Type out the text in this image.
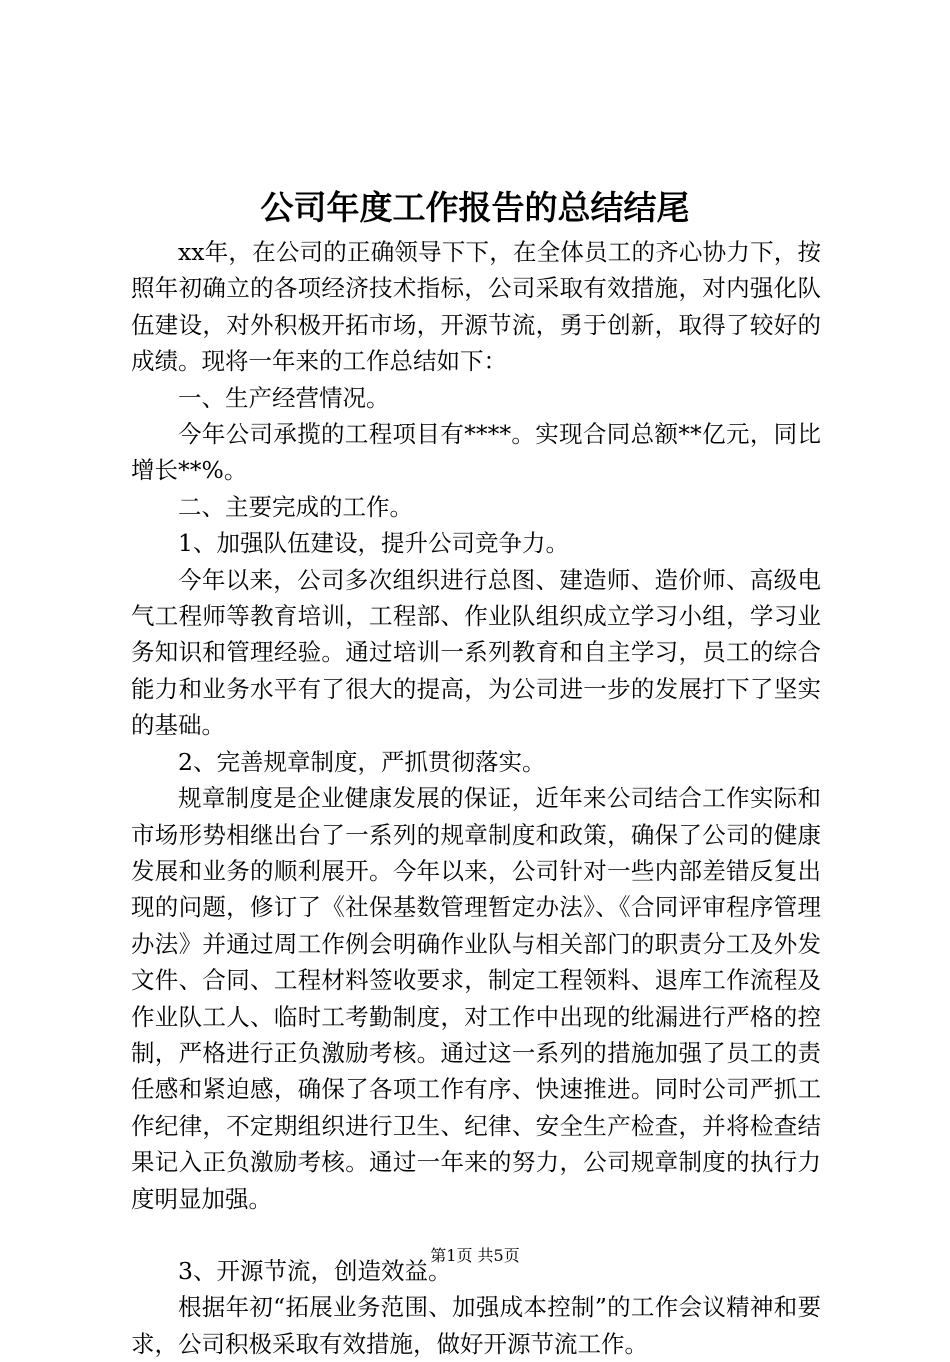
公司年度工作报告的总结结尾

xx年，在公司的正确领导下下，在全体员工的齐心协力下，按照年初确立的各项经济技术指标，公司采取有效措施，对内强化队伍建设，对外积极开拓市场，开源节流，勇于创新，取得了较好的成绩。现将一年来的工作总结如下：

一、生产经营情况。

今年公司承揽的工程项目有****。实现合同总额**亿元，同比增长**%。

二、主要完成的工作。

1、加强队伍建设，提升公司竞争力。

今年以来，公司多次组织进行总图、建造师、造价师、高级电气工程师等教育培训，工程部、作业队组织成立学习小组，学习业务知识和管理经验。通过培训一系列教育和自主学习，员工的综合能力和业务水平有了很大的提高，为公司进一步的发展打下了坚实的基础。

2、完善规章制度，严抓贯彻落实。

规章制度是企业健康发展的保证，近年来公司结合工作实际和市场形势相继出台了一系列的规章制度和政策，确保了公司的健康发展和业务的顺利展开。今年以来，公司针对一些内部差错反复出现的问题，修订了《社保基数管理暂定办法》、《合同评审程序管理办法》并通过周工作例会明确作业队与相关部门的职责分工及外发文件、合同、工程材料签收要求，制定工程领料、退库工作流程及作业队工人、临时工考勤制度，对工作中出现的纰漏进行严格的控制，严格进行正负激励考核。通过这一系列的措施加强了员工的责任感和紧迫感，确保了各项工作有序、快速推进。同时公司严抓工作纪律，不定期组织进行卫生、纪律、安全生产检查，并将检查结果记入正负激励考核。通过一年来的努力，公司规章制度的执行力度明显加强。

3、开源节流，创造效益。

根据年初“拓展业务范围、加强成本控制”的工作会议精神和要求，公司积极采取有效措施，做好开源节流工作。

第1页 共5页
